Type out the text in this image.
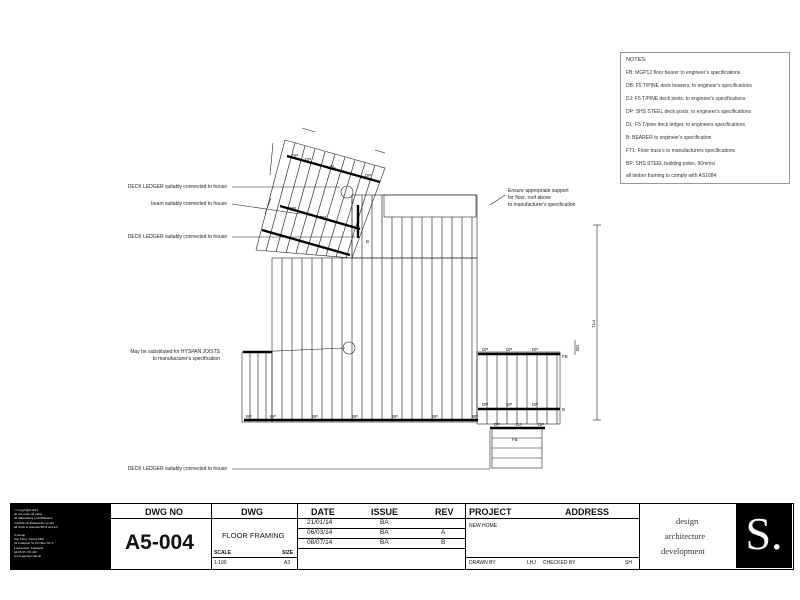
NOTES:
FB: MGP12 floor bearer to engineer's specifications
DB: F5 T/PINE deck bearers, to engineer's specifications
DJ: F5 T/PINE deck joists, to engineer's specifications
DP: SHS STEEL deck posts, to engineer's specifications
DL: F5 T/pine deck ledger, to engineers specifications
B: BEARER to engineer's specification
FT1: Floor truss's to manufacturers specifications
BP: SHS STEEL building poles, 90mmsi
all timber framing to comply with AS1684
DECK LEDGER suitably connected to house
beam suitably connected to house
DECK LEDGER suitably connected to house
Ensure appropriate support
for floor, roof above
to manufacturer's specification
May be substituted for HYSPAN JOISTS
to manufacturer's specification
DECK LEDGER suitably connected to house
DP
DP
DL
DP
DP
DP
B
BP	BP	BP	BP	BP	BP	BP
DP	DP	DP
FB
DP	DP	DP
B
DP	DJ	DP
FB
FT1
DB
© Copyright 2014
do not scale off plans
all dimensions to millimetres
confirm all dimensions on site
all work to relevant BCA and AS
S Group
Top Floor, Centre Mill
22 Cameron St, PO Box 3271
Launceston, Tasmania
ph 03 63 135 401
www.sgroup.com.au
DWG NO
A5-004
DWG
FLOOR FRAMING
SCALE	SIZE
1:100	A3
DATE	ISSUE	REV
21/01/14	BA
06/03/14	BA	A
08/07/14	BA	B
PROJECT	ADDRESS
NEW HOME
DRAWN BY	LHJ CHECKED BY	SH
design
architecture
development S.
